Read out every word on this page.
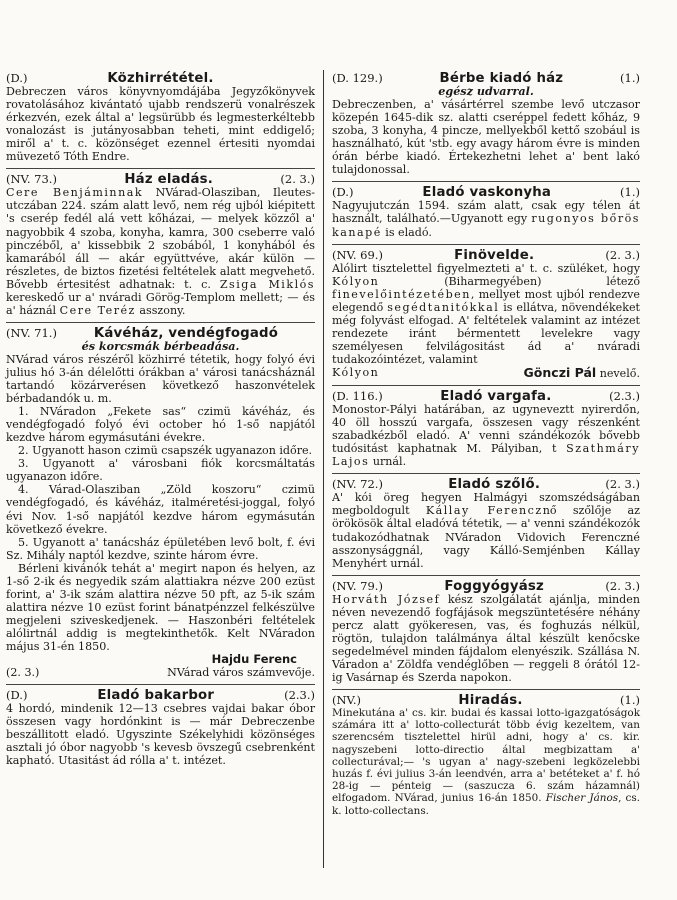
(D.)	Közhirrététel.

Debreczen város könyvnyomdájába Jegyzőkönyvek rovatolásához kivántató ujabb rendszerü vonalrészek érkezvén, ezek által a' legsürübb és legmesterkéltebb vonalozást is jutányosabban teheti, mint eddigelő; miről a' t. c. közönséget ezennel értesiti nyomdai müvezető Tóth Endre.

(NV. 73.)	Ház eladás.	(2. 3.)

Cere Benjáminnak NVárad-Olasziban, Ileutes-utczában 224. szám alatt levő, nem rég ujból kiépitett 's cserép fedél alá vett kőházai, — melyek közzől a' nagyobbik 4 szoba, konyha, kamra, 300 cseberre való pinczéből, a' kissebbik 2 szobából, 1 konyhából és kamarából áll — akár együttvéve, akár külön — részletes, de biztos fizetési feltételek alatt megvehető. Bővebb értesitést adhatnak: t. c. Zsiga Miklós kereskedő ur a' nváradi Görög-Templom mellett; — és a' háznál Cere Teréz asszony.

(NV. 71.)	Kávéház, vendégfogadó

és korcsmák bérbeadása.

NVárad város részéről közhirré tétetik, hogy folyó évi julius hó 3-án délelőtti órákban a' városi tanácsháznál tartandó közárverésen következő haszonvételek bérbadandók u. m.

1. NVáradon „Fekete sas“ czimü kávéház, és vendégfogadó folyó évi october hó 1-ső napjától kezdve három egymásutáni évekre.

2. Ugyanott hason czimü csapszék ugyanazon időre.

3. Ugyanott a' városbani fiók korcsmáltatás ugyanazon időre.

4. Várad-Olasziban „Zöld koszoru“ czimü vendégfogadó, és kávéház, italméretési-joggal, folyó évi Nov. 1-ső napjától kezdve három egymásután következő évekre.

5. Ugyanott a' tanácsház épületében levő bolt, f. évi Sz. Mihály naptól kezdve, szinte három évre.

Bérleni kivánók tehát a' megirt napon és helyen, az 1-ső 2-ik és negyedik szám alattiakra nézve 200 ezüst forint, a' 3-ik szám alattira nézve 50 pft, az 5-ik szám alattira nézve 10 ezüst forint bánatpénzzel felkészülve megjeleni sziveskedjenek. — Haszonbéri feltételek alólirtnál addig is megtekinthetők. Kelt NVáradon május 31-én 1850.

Hajdu Ferenc

(2. 3.)	NVárad város számvevője.
(D.)	Eladó bakarbor	(2.3.)

4 hordó, mindenik 12—13 csebres vajdai bakar óbor összesen vagy hordónkint is — már Debreczenbe beszállitott eladó. Ugyszinte Székelyhidi közönséges asztali jó óbor nagyobb 's kevesb övszegű csebrenként kapható. Utasitást ád rólla a' t. intézet.

(D. 129.)	Bérbe kiadó ház	(1.)

egész udvarral.

Debreczenben, a' vásártérrel szembe levő utczasor közepén 1645-dik sz. alatti cseréppel fedett kőház, 9 szoba, 3 konyha, 4 pincze, mellyekből kettő szobául is használható, kút 'stb. egy avagy három évre is minden órán bérbe kiadó. Értekezhetni lehet a' bent lakó tulajdonossal.

(D.)	Eladó vaskonyha	(1.)

Nagyujutczán 1594. szám alatt, csak egy télen át használt, található.—Ugyanott egy rugonyos bőrös kanapé is eladó.

(NV. 69.)	Finövelde.	(2. 3.)

Alólirt tisztelettel figyelmezteti a' t. c. szüléket, hogy Kólyon (Biharmegyében) létező finevelőintézetében, mellyet most ujból rendezve elegendő segédtanitókkal is ellátva, növendékeket még folyvást elfogad. A' feltételek valamint az intézet rendezete iránt bérmentett levelekre vagy személyesen felvilágositást ád a' nváradi tudakozóintézet, valamint

Kólyon	Gönczi Pál nevelő.
(D. 116.)	Eladó vargafa.	(2.3.)

Monostor-Pályi határában, az ugyneveztt nyirerdőn, 40 öll hosszú vargafa, összesen vagy részenként szabadkézből eladó. A' venni szándékozók bővebb tudósitást kaphatnak M. Pályiban, t Szathmáry Lajos urnál.

(NV. 72.)	Eladó szőlő.	(2. 3.)

A' kói öreg hegyen Halmágyi szomszédságában megboldogult Kállay Ferencznő szőlője az örökösök által eladóvá tétetik, — a' venni szándékozók tudakozódhatnak NVáradon Vidovich Ferenczné asszonysággnál, vagy Kálló-Semjénben Kállay Menyhért urnál.

(NV. 79.)	Foggyógyász	(2. 3.)

Horváth József kész szolgálatát ajánlja, minden néven nevezendő fogfájások megszüntetésére néhány percz alatt gyökeresen, vas, és foghuzás nélkül, rögtön, tulajdon találmánya által készült kenőcske segedelmével minden fájdalom elenyészik. Szállása N. Váradon a' Zöldfa vendéglőben — reggeli 8 órától 12-ig Vasárnap és Szerda napokon.

(NV.)	Hiradás.	(1.)

Minekutána a' cs. kir. budai és kassai lotto-igazgatóságok számára itt a' lotto-collecturát több évig kezeltem, van szerencsém tisztelettel hirül adni, hogy a' cs. kir. nagyszebeni lotto-directio által megbizattam a' collecturával;— 's ugyan a' nagy-szebeni legközelebbi huzás f. évi julius 3-án leendvén, arra a' betéteket a' f. hó 28-ig — pénteig — (saszucza 6. szám házamnál) elfogadom. NVárad, junius 16-án 1850. Fischer János, cs. k. lotto-collectans.
